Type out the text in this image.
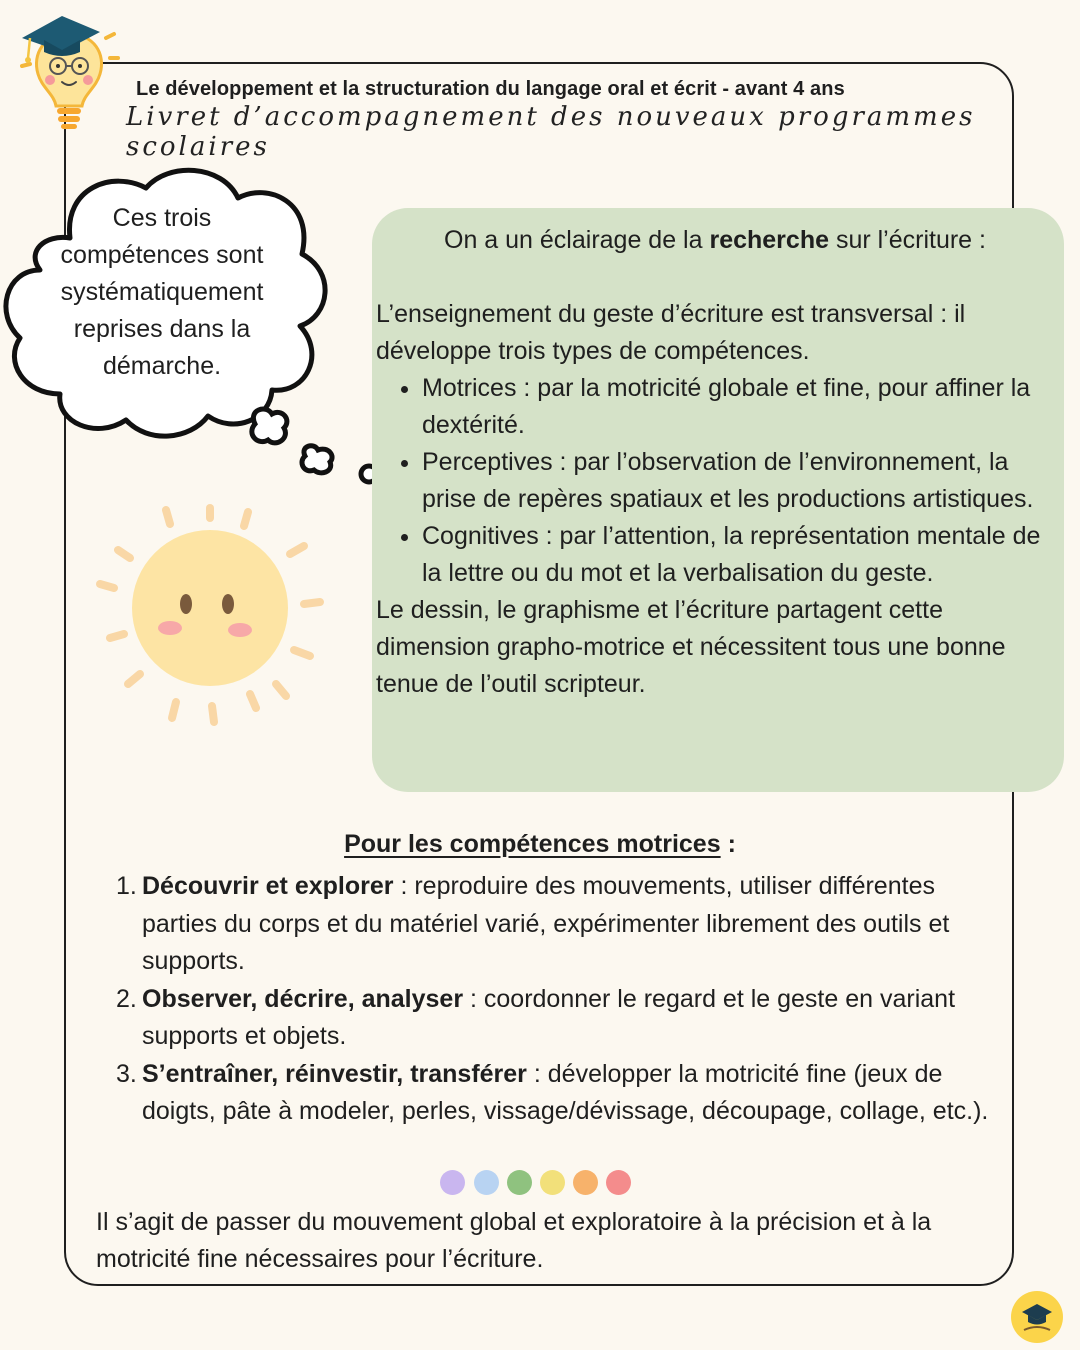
Le développement et la structuration du langage oral et écrit - avant 4 ans
Livret d’accompagnement des nouveaux programmes scolaires
Ces trois compétences sont systématiquement reprises dans la démarche.

On a un éclairage de la recherche sur l’écriture :

L’enseignement du geste d’écriture est transversal : il développe trois types de compétences.

• Motrices : par la motricité globale et fine, pour affiner la dextérité.
• Perceptives : par l’observation de l’environnement, la prise de repères spatiaux et les productions artistiques.
• Cognitives : par l’attention, la représentation mentale de la lettre ou du mot et la verbalisation du geste.

Le dessin, le graphisme et l’écriture partagent cette dimension grapho-motrice et nécessitent tous une bonne tenue de l’outil scripteur.

Pour les compétences motrices :
1. Découvrir et explorer : reproduire des mouvements, utiliser différentes parties du corps et du matériel varié, expérimenter librement des outils et supports.
2. Observer, décrire, analyser : coordonner le regard et le geste en variant supports et objets.
3. S’entraîner, réinvestir, transférer : développer la motricité fine (jeux de doigts, pâte à modeler, perles, vissage/dévissage, découpage, collage, etc.).
Il s’agit de passer du mouvement global et exploratoire à la précision et à la motricité fine nécessaires pour l’écriture.
